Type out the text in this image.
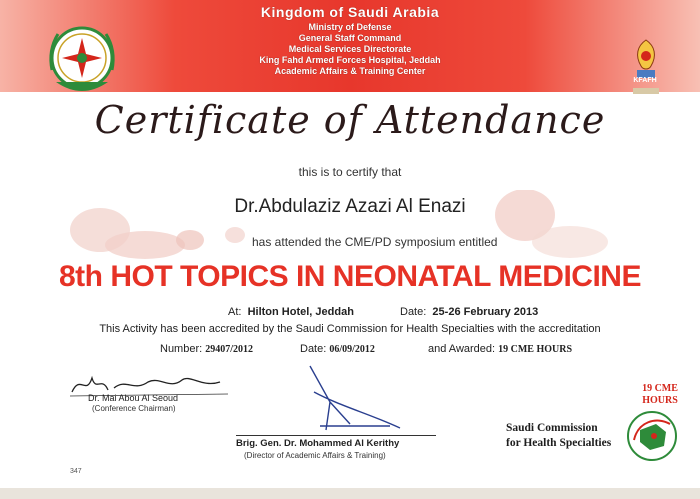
Kingdom of Saudi Arabia
Ministry of Defense
General Staff Command
Medical Services Directorate
King Fahd Armed Forces Hospital, Jeddah
Academic Affairs & Training Center
KFAFH
Certificate of Attendance
this is to certify that
Dr.Abdulaziz Azazi Al Enazi
has attended the CME/PD symposium entitled
8th HOT TOPICS IN NEONATAL MEDICINE
At: Hilton Hotel, Jeddah	Date: 25-26 February 2013
This Activity has been accredited by the Saudi Commission for Health Specialties with the accreditation
Number: 29407/2012	Date: 06/09/2012	and Awarded: 19 CME HOURS
Dr. Mai Abou Al Seoud
(Conference Chairman)
Brig. Gen. Dr. Mohammed Al Kerithy
(Director of Academic Affairs & Training)
19 CME
HOURS
Saudi Commission
for Health Specialties
347
